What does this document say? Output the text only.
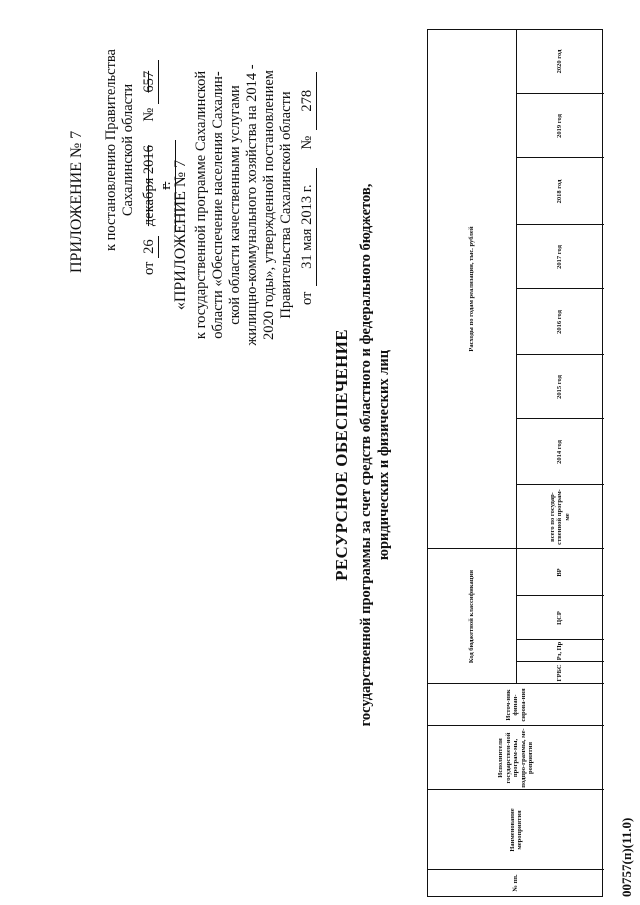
ПРИЛОЖЕНИЕ № 7 к постановлению Правительства Сахалинской области
от
26
декабря 2016 г.
№
657
«ПРИЛОЖЕНИЕ № 7 к государственной программе Сахалинской области «Обеспечение населения Сахалин- ской области качественными услугами жилищно-коммунального хозяйства на 2014 - 2020 годы», утвержденной постановлением Правительства Сахалинской области от
31 мая 2013 г.
№
278
РЕСУРСНОЕ ОБЕСПЕЧЕНИЕ государственной программы за счет средств областного и федерального бюджетов, юридических и физических лиц
№ пп.
Наименование мероприятия
Исполнители государствен-ной програм-мы, подпро-граммы, ме-роприятия
Источ-ник финан-сирова-ния
Код бюджетной классификации
ГРБС
Рз, Пр
ЦСР
ВР
Расходы по годам реализации, тыс. рублей
всего по государ-ственной програм-ме
2014 год
2015 год
2016 год
2017 год
2018 год
2019 год
2020 год
00757(п)(11.0)
